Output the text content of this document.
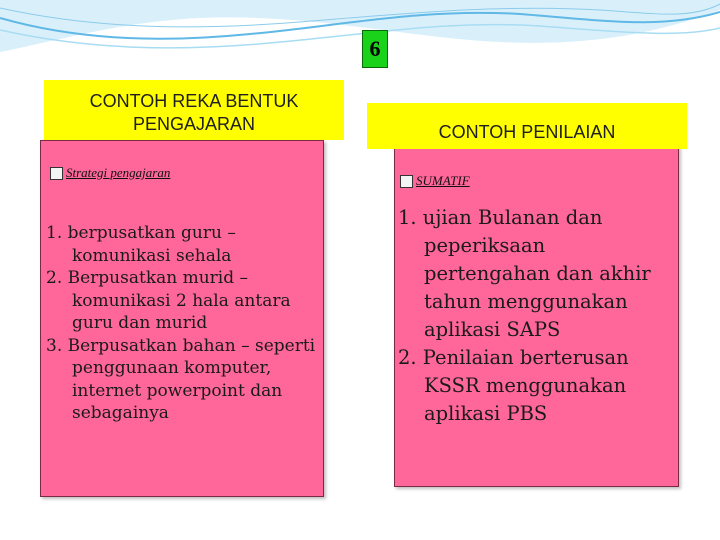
6
CONTOH REKA BENTUK PENGAJARAN	CONTOH PENILAIAN
Strategi pengajaran
SUMATIF
1. berpusatkan guru – komunikasi sehala
2. Berpusatkan murid – komunikasi 2 hala antara guru dan murid
3. Berpusatkan bahan – seperti penggunaan komputer, internet powerpoint dan sebagainya
1. ujian Bulanan dan peperiksaan pertengahan dan akhir tahun menggunakan aplikasi SAPS
2. Penilaian berterusan KSSR menggunakan aplikasi PBS
